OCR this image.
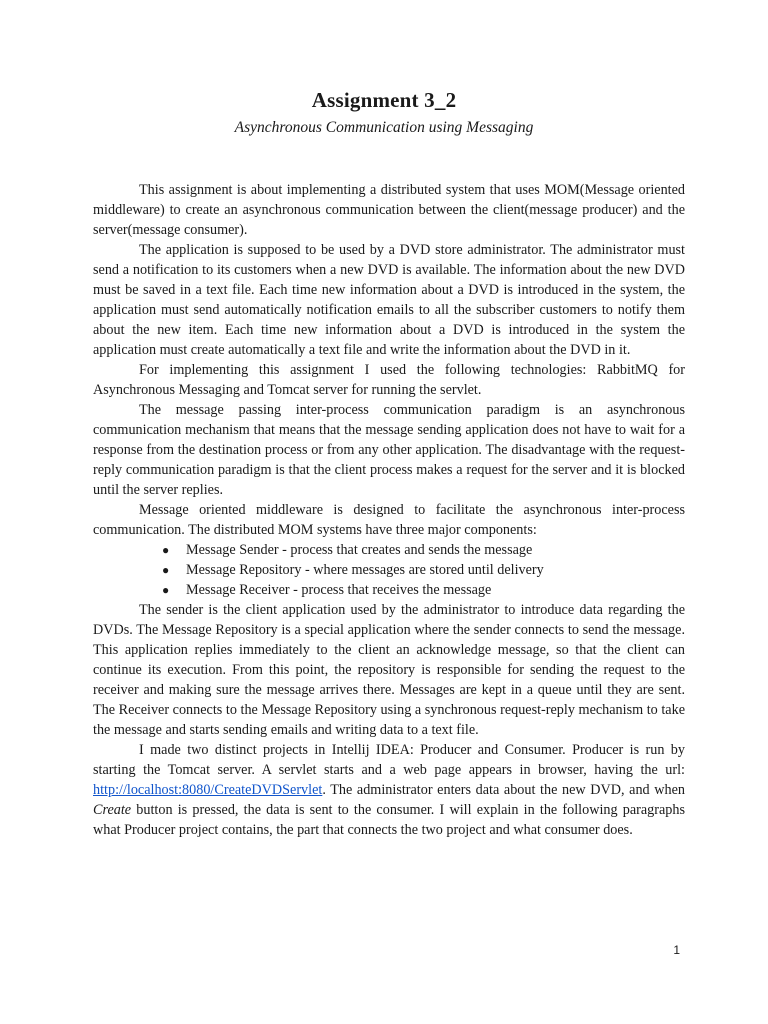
Assignment 3_2
Asynchronous Communication using Messaging

This assignment is about implementing a distributed system that uses MOM(Message oriented middleware) to create an asynchronous communication between the client(message producer) and the server(message consumer).

The application is supposed to be used by a DVD store administrator. The administrator must send a notification to its customers when a new DVD is available. The information about the new DVD must be saved in a text file. Each time new information about a DVD is introduced in the system, the application must send automatically notification emails to all the subscriber customers to notify them about the new item. Each time new information about a DVD is introduced in the system the application must create automatically a text file and write the information about the DVD in it.

For implementing this assignment I used the following technologies: RabbitMQ for Asynchronous Messaging and Tomcat server for running the servlet.

The message passing inter-process communication paradigm is an asynchronous communication mechanism that means that the message sending application does not have to wait for a response from the destination process or from any other application. The disadvantage with the request-reply communication paradigm is that the client process makes a request for the server and it is blocked until the server replies.

Message oriented middleware is designed to facilitate the asynchronous inter-process communication. The distributed MOM systems have three major components:

● Message Sender - process that creates and sends the message
● Message Repository - where messages are stored until delivery
● Message Receiver - process that receives the message

The sender is the client application used by the administrator to introduce data regarding the DVDs. The Message Repository is a special application where the sender connects to send the message. This application replies immediately to the client an acknowledge message, so that the client can continue its execution. From this point, the repository is responsible for sending the request to the receiver and making sure the message arrives there. Messages are kept in a queue until they are sent. The Receiver connects to the Message Repository using a synchronous request-reply mechanism to take the message and starts sending emails and writing data to a text file.

I made two distinct projects in Intellij IDEA: Producer and Consumer. Producer is run by starting the Tomcat server. A servlet starts and a web page appears in browser, having the url: http://localhost:8080/CreateDVDServlet. The administrator enters data about the new DVD, and when Create button is pressed, the data is sent to the consumer. I will explain in the following paragraphs what Producer project contains, the part that connects the two project and what consumer does.

1
